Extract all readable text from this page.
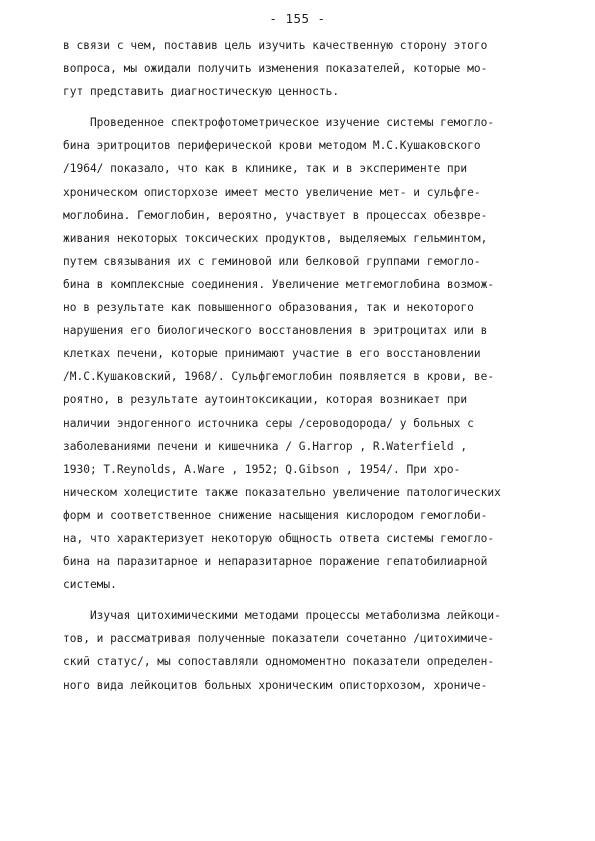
- 155 -
в связи с чем, поставив цель изучить качественную сторону этого
вопроса, мы ожидали получить изменения показателей, которые мо-
гут представить диагностическую ценность.
Проведенное спектрофотометрическое изучение системы гемогло-
бина эритроцитов периферической крови методом М.С.Кушаковского
/1964/ показало, что как в клинике, так и в эксперименте при
хроническом описторхозе имеет место увеличение мет- и сульфге-
моглобина. Гемоглобин, вероятно, участвует в процессах обезвре-
живания некоторых токсических продуктов, выделяемых гельминтом,
путем связывания их с геминовой или белковой группами гемогло-
бина в комплексные соединения. Увеличение метгемоглобина возмож-
но в результате как повышенного образования, так и некоторого
нарушения его биологического восстановления в эритроцитах или в
клетках печени, которые принимают участие в его восстановлении
/М.С.Кушаковский, 1968/. Сульфгемоглобин появляется в крови, ве-
роятно, в результате аутоинтоксикации, которая возникает при
наличии эндогенного источника серы /сероводорода/ у больных с
заболеваниями печени и кишечника / G.Harrop , R.Waterfield ,
1930; T.Reynolds, A.Ware , 1952; Q.Gibson , 1954/. При хро-
ническом холецистите также показательно увеличение патологических
форм и соответственное снижение насыщения кислородом гемоглоби-
на, что характеризует некоторую общность ответа системы гемогло-
бина на паразитарное и непаразитарное поражение гепатобилиарной
системы.
Изучая цитохимическими методами процессы метаболизма лейкоци-
тов, и рассматривая полученные показатели сочетанно /цитохимиче-
ский статус/, мы сопоставляли одномоментно показатели определен-
ного вида лейкоцитов больных хроническим описторхозом, хрониче-
